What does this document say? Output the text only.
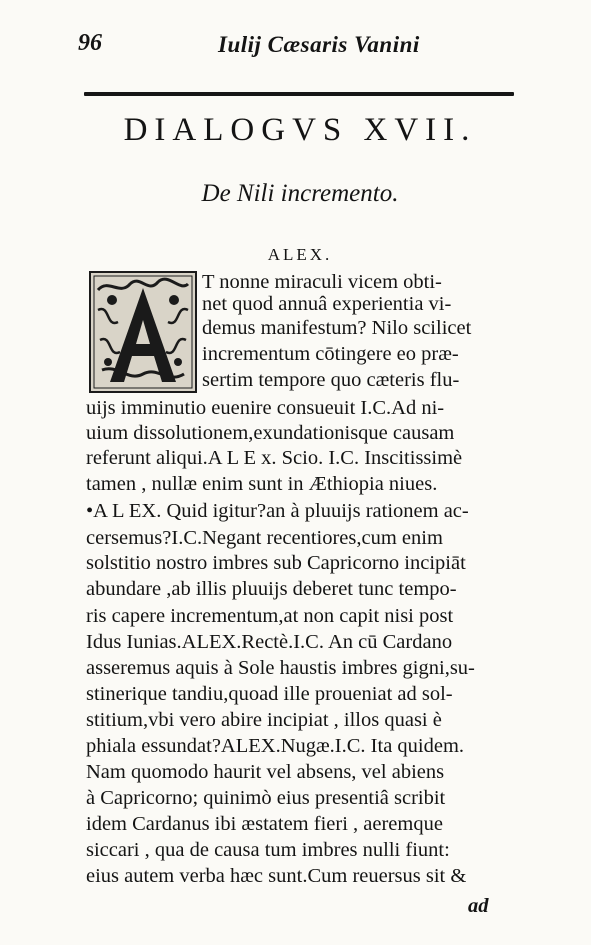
96	Iulij Cæsaris Vanini
DIALOGVS XVII.
De Nili incremento.
ALEX.
T nonne miraculi vicem obti-
net quod annuâ experientia vi-
demus manifestum? Nilo scilicet
incrementum cōtingere eo præ-
sertim tempore quo cæteris flu-
uijs imminutio euenire consueuit I.C.Ad ni-
uium dissolutionem,exundationisque causam
referunt aliqui.A L E x. Scio. I.C. Inscitissimè
tamen , nullæ enim sunt in Æthiopia niues.
•A L EX. Quid igitur?an à pluuijs rationem ac-
cersemus?I.C.Negant recentiores,cum enim
solstitio nostro imbres sub Capricorno incipiāt
abundare ,ab illis pluuijs deberet tunc tempo-
ris capere incrementum,at non capit nisi post
Idus Iunias.ALEX.Rectè.I.C. An cū Cardano
asseremus aquis à Sole haustis imbres gigni,su-
stinerique tandiu,quoad ille proueniat ad sol-
stitium,vbi vero abire incipiat , illos quasi è
phiala essundat?ALEX.Nugæ.I.C. Ita quidem.
Nam quomodo haurit vel absens, vel abiens
à Capricorno; quinimò eius presentiâ scribit
idem Cardanus ibi æstatem fieri , aeremque
siccari , qua de causa tum imbres nulli fiunt:
eius autem verba hæc sunt.Cum reuersus sit &
ad
